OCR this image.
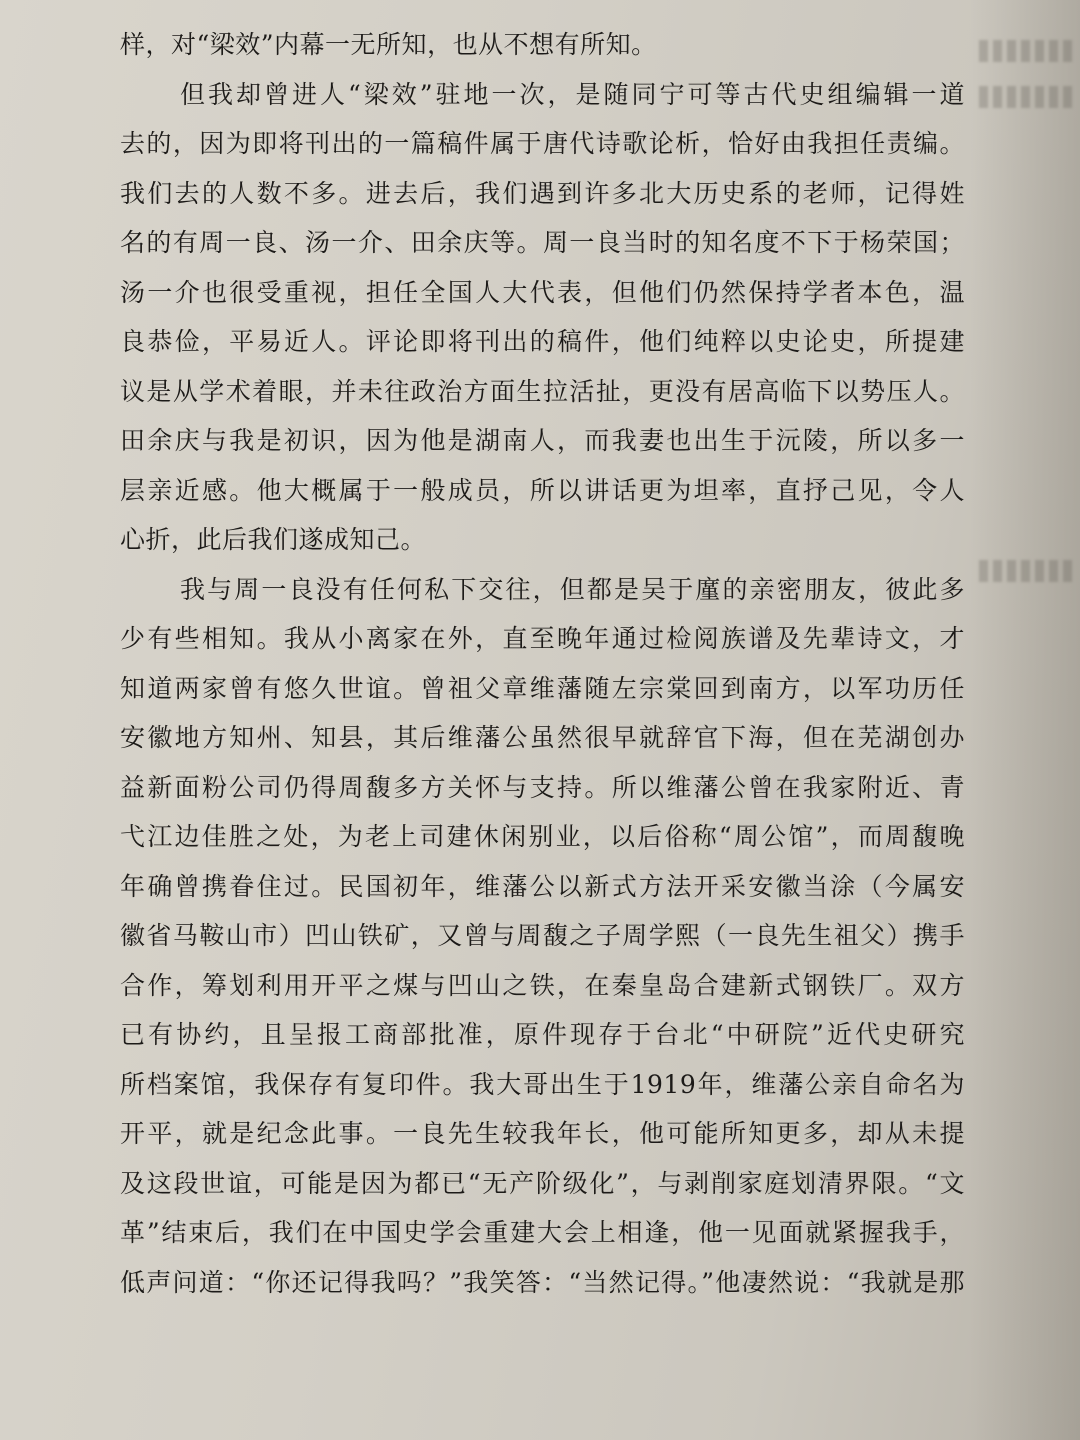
样，对“梁效”内幕一无所知，也从不想有所知。
但我却曾进人“梁效”驻地一次，是随同宁可等古代史组编辑一道
去的，因为即将刊出的一篇稿件属于唐代诗歌论析，恰好由我担任责编。
我们去的人数不多。进去后，我们遇到许多北大历史系的老师，记得姓
名的有周一良、汤一介、田余庆等。周一良当时的知名度不下于杨荣国；
汤一介也很受重视，担任全国人大代表，但他们仍然保持学者本色，温
良恭俭，平易近人。评论即将刊出的稿件，他们纯粹以史论史，所提建
议是从学术着眼，并未往政治方面生拉活扯，更没有居高临下以势压人。
田余庆与我是初识，因为他是湖南人，而我妻也出生于沅陵，所以多一
层亲近感。他大概属于一般成员，所以讲话更为坦率，直抒己见，令人
心折，此后我们遂成知己。
我与周一良没有任何私下交往，但都是吴于廑的亲密朋友，彼此多
少有些相知。我从小离家在外，直至晚年通过检阅族谱及先辈诗文，才
知道两家曾有悠久世谊。曾祖父章维藩随左宗棠回到南方，以军功历任
安徽地方知州、知县，其后维藩公虽然很早就辞官下海，但在芜湖创办
益新面粉公司仍得周馥多方关怀与支持。所以维藩公曾在我家附近、青
弋江边佳胜之处，为老上司建休闲别业，以后俗称“周公馆”，而周馥晚
年确曾携眷住过。民国初年，维藩公以新式方法开采安徽当涂（今属安
徽省马鞍山市）凹山铁矿，又曾与周馥之子周学熙（一良先生祖父）携手
合作，筹划利用开平之煤与凹山之铁，在秦皇岛合建新式钢铁厂。双方
已有协约，且呈报工商部批准，原件现存于台北“中研院”近代史研究
所档案馆，我保存有复印件。我大哥出生于1919年，维藩公亲自命名为
开平，就是纪念此事。一良先生较我年长，他可能所知更多，却从未提
及这段世谊，可能是因为都已“无产阶级化”，与剥削家庭划清界限。“文
革”结束后，我们在中国史学会重建大会上相逢，他一见面就紧握我手，
低声问道：“你还记得我吗？”我笑答：“当然记得。”他凄然说：“我就是那
